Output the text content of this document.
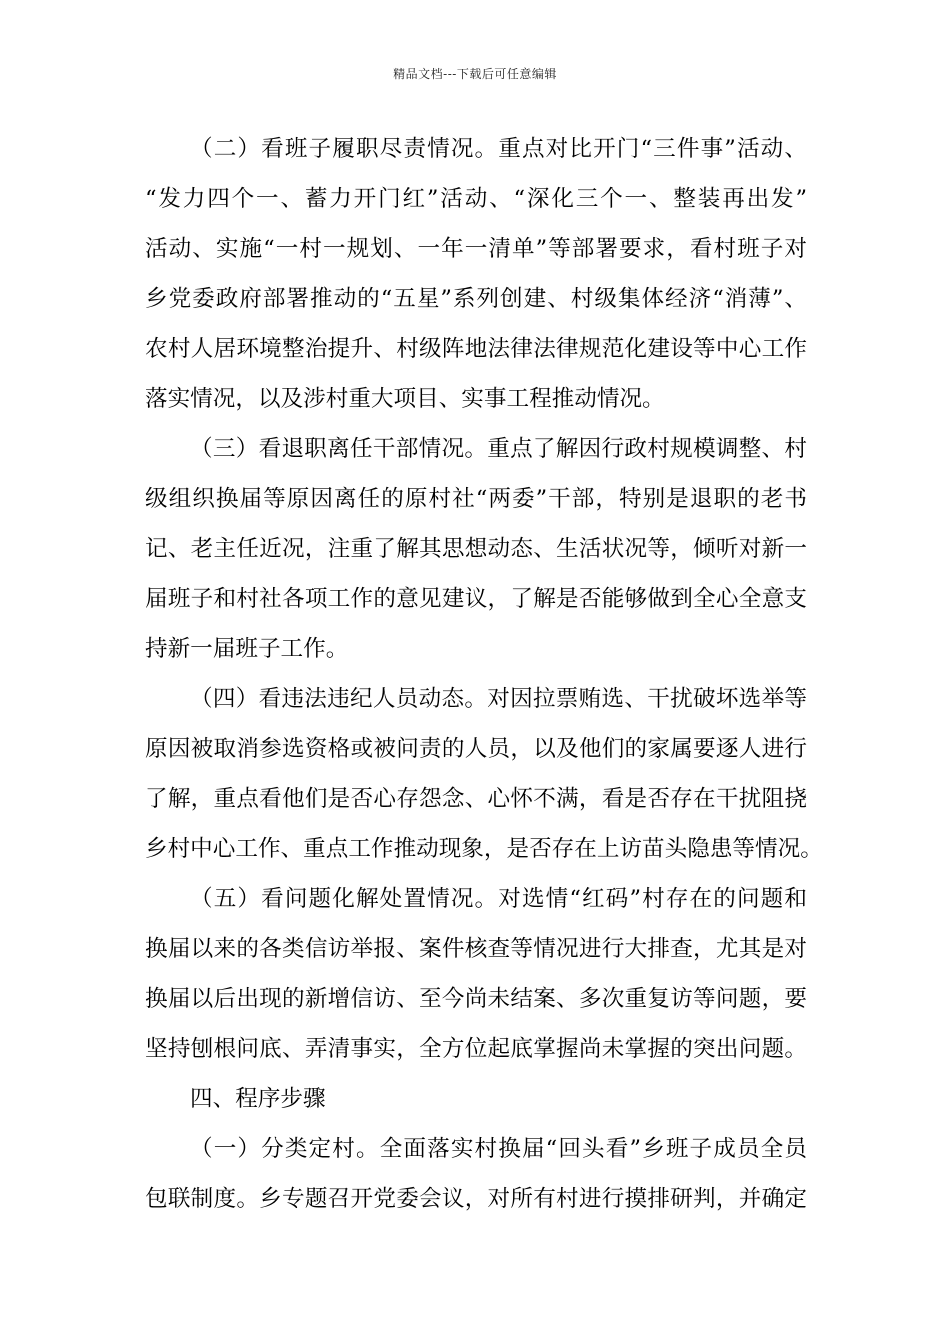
精品文档---下载后可任意编辑
（二）看班子履职尽责情况。重点对比开门“三件事”活动、
“发力四个一、蓄力开门红”活动、“深化三个一、整装再出发”
活动、实施“一村一规划、一年一清单”等部署要求，看村班子对
乡党委政府部署推动的“五星”系列创建、村级集体经济“消薄”、
农村人居环境整治提升、村级阵地法律法律规范化建设等中心工作
落实情况，以及涉村重大项目、实事工程推动情况。
（三）看退职离任干部情况。重点了解因行政村规模调整、村
级组织换届等原因离任的原村社“两委”干部，特别是退职的老书
记、老主任近况，注重了解其思想动态、生活状况等，倾听对新一
届班子和村社各项工作的意见建议，了解是否能够做到全心全意支
持新一届班子工作。
（四）看违法违纪人员动态。对因拉票贿选、干扰破坏选举等
原因被取消参选资格或被问责的人员，以及他们的家属要逐人进行
了解，重点看他们是否心存怨念、心怀不满，看是否存在干扰阻挠
乡村中心工作、重点工作推动现象，是否存在上访苗头隐患等情况。
（五）看问题化解处置情况。对选情“红码”村存在的问题和
换届以来的各类信访举报、案件核查等情况进行大排查，尤其是对
换届以后出现的新增信访、至今尚未结案、多次重复访等问题，要
坚持刨根问底、弄清事实，全方位起底掌握尚未掌握的突出问题。
四、程序步骤
（一）分类定村。全面落实村换届“回头看”乡班子成员全员
包联制度。乡专题召开党委会议，对所有村进行摸排研判，并确定
